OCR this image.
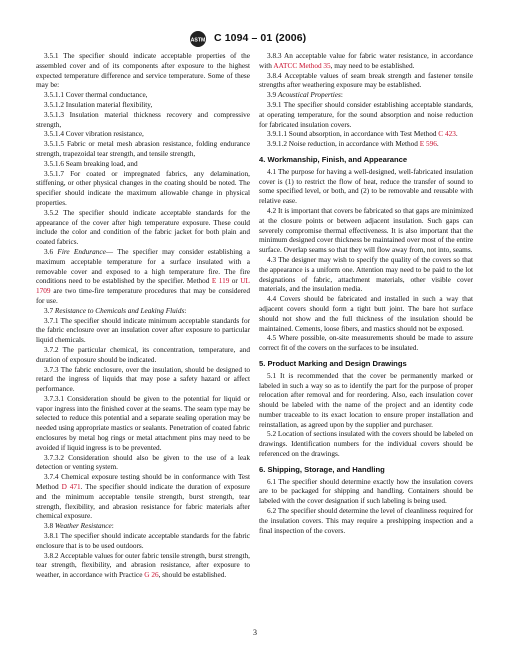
ASTM C 1094 – 01 (2006)

3.5.1 The specifier should indicate acceptable properties of the assembled cover and of its components after exposure to the highest expected temperature difference and service temperature. Some of these may be:

3.5.1.1 Cover thermal conductance,

3.5.1.2 Insulation material flexibility,

3.5.1.3 Insulation material thickness recovery and compressive strength,

3.5.1.4 Cover vibration resistance,

3.5.1.5 Fabric or metal mesh abrasion resistance, folding endurance strength, trapezoidal tear strength, and tensile strength,

3.5.1.6 Seam breaking load, and

3.5.1.7 For coated or impregnated fabrics, any delamination, stiffening, or other physical changes in the coating should be noted. The specifier should indicate the maximum allowable change in physical properties.

3.5.2 The specifier should indicate acceptable standards for the appearance of the cover after high temperature exposure. These could include the color and condition of the fabric jacket for both plain and coated fabrics.

3.6 Fire Endurance— The specifier may consider establishing a maximum acceptable temperature for a surface insulated with a removable cover and exposed to a high temperature fire. The fire conditions need to be established by the specifier. Method E 119 or UL 1709 are two time-fire temperature procedures that may be considered for use.

3.7 Resistance to Chemicals and Leaking Fluids:

3.7.1 The specifier should indicate minimum acceptable standards for the fabric enclosure over an insulation cover after exposure to particular liquid chemicals.

3.7.2 The particular chemical, its concentration, temperature, and duration of exposure should be indicated.

3.7.3 The fabric enclosure, over the insulation, should be designed to retard the ingress of liquids that may pose a safety hazard or affect performance.

3.7.3.1 Consideration should be given to the potential for liquid or vapor ingress into the finished cover at the seams. The seam type may be selected to reduce this potential and a separate sealing operation may be needed using appropriate mastics or sealants. Penetration of coated fabric enclosures by metal hog rings or metal attachment pins may need to be avoided if liquid ingress is to be prevented.

3.7.3.2 Consideration should also be given to the use of a leak detection or venting system.

3.7.4 Chemical exposure testing should be in conformance with Test Method D 471. The specifier should indicate the duration of exposure and the minimum acceptable tensile strength, burst strength, tear strength, flexibility, and abrasion resistance for fabric materials after chemical exposure.

3.8 Weather Resistance:

3.8.1 The specifier should indicate acceptable standards for the fabric enclosure that is to be used outdoors.

3.8.2 Acceptable values for outer fabric tensile strength, burst strength, tear strength, flexibility, and abrasion resistance, after exposure to weather, in accordance with Practice G 26, should be established.

3.8.3 An acceptable value for fabric water resistance, in accordance with AATCC Method 35, may need to be established.

3.8.4 Acceptable values of seam break strength and fastener tensile strengths after weathering exposure may be established.

3.9 Acoustical Properties:

3.9.1 The specifier should consider establishing acceptable standards, at operating temperature, for the sound absorption and noise reduction for fabricated insulation covers.

3.9.1.1 Sound absorption, in accordance with Test Method C 423.

3.9.1.2 Noise reduction, in accordance with Method E 596.

4. Workmanship, Finish, and Appearance

4.1 The purpose for having a well-designed, well-fabricated insulation cover is (1) to restrict the flow of heat, reduce the transfer of sound to some specified level, or both, and (2) to be removable and reusable with relative ease.

4.2 It is important that covers be fabricated so that gaps are minimized at the closure points or between adjacent insulation. Such gaps can severely compromise thermal effectiveness. It is also important that the minimum designed cover thickness be maintained over most of the entire surface. Overlap seams so that they will flow away from, not into, seams.

4.3 The designer may wish to specify the quality of the covers so that the appearance is a uniform one. Attention may need to be paid to the lot designations of fabric, attachment materials, other visible cover materials, and the insulation media.

4.4 Covers should be fabricated and installed in such a way that adjacent covers should form a tight butt joint. The bare hot surface should not show and the full thickness of the insulation should be maintained. Cements, loose fibers, and mastics should not be exposed.

4.5 Where possible, on-site measurements should be made to assure correct fit of the covers on the surfaces to be insulated.

5. Product Marking and Design Drawings

5.1 It is recommended that the cover be permanently marked or labeled in such a way so as to identify the part for the purpose of proper relocation after removal and for reordering. Also, each insulation cover should be labeled with the name of the project and an identity code number traceable to its exact location to ensure proper installation and reinstallation, as agreed upon by the supplier and purchaser.

5.2 Location of sections insulated with the covers should be labeled on drawings. Identification numbers for the individual covers should be referenced on the drawings.

6. Shipping, Storage, and Handling

6.1 The specifier should determine exactly how the insulation covers are to be packaged for shipping and handling. Containers should be labeled with the cover designation if such labeling is being used.

6.2 The specifier should determine the level of cleanliness required for the insulation covers. This may require a preshipping inspection and a final inspection of the covers.

3
